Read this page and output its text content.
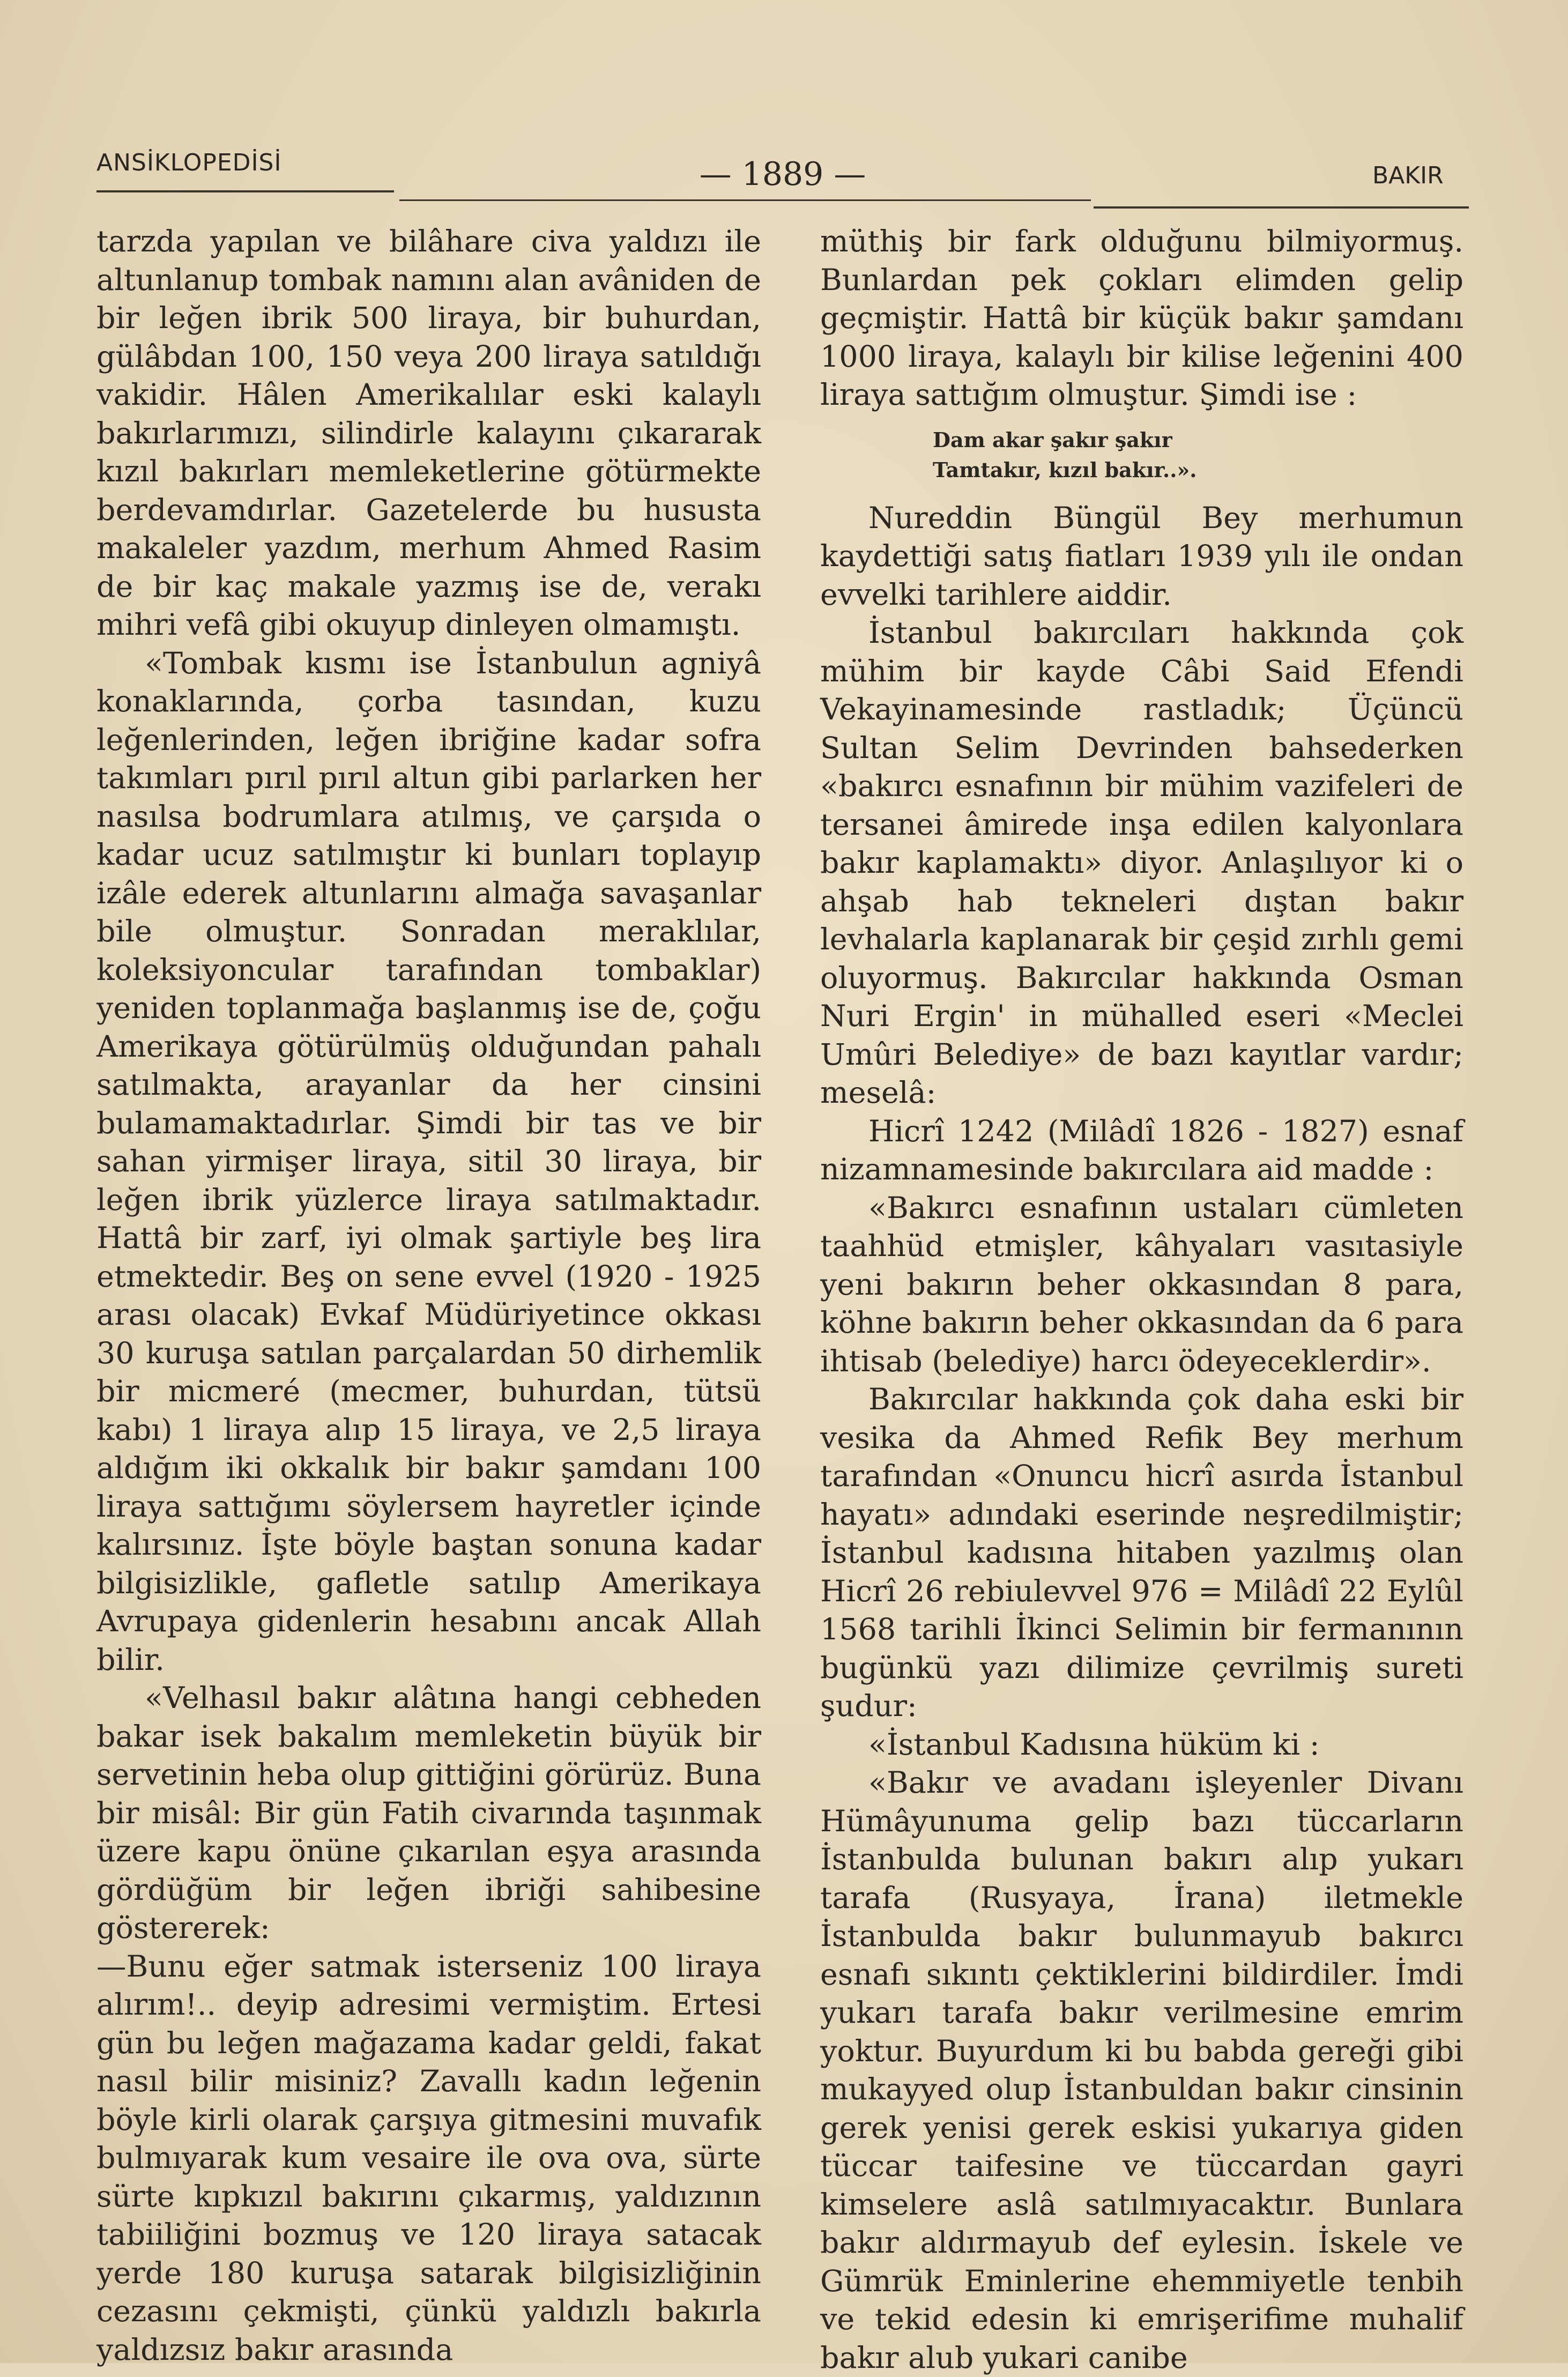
ANSİKLOPEDİSİ	— 1889 —	BAKIR

tarzda yapılan ve bilâhare civa yaldızı ile altunlanup tombak namını alan avâniden de bir leğen ibrik 500 liraya, bir buhurdan, gülâbdan 100, 150 veya 200 liraya satıldığı vakidir. Hâlen Amerikalılar eski kalaylı bakırlarımızı, silindirle kalayını çıkararak kızıl bakırları memleketlerine götürmekte berdevamdırlar. Gazetelerde bu hususta makaleler yazdım, merhum Ahmed Rasim de bir kaç makale yazmış ise de, verakı mihri vefâ gibi okuyup dinleyen olmamıştı.

«Tombak kısmı ise İstanbulun agniyâ konaklarında, çorba tasından, kuzu leğenlerinden, leğen ibriğine kadar sofra takımları pırıl pırıl altun gibi parlarken her nasılsa bodrumlara atılmış, ve çarşıda o kadar ucuz satılmıştır ki bunları toplayıp izâle ederek altunlarını almağa savaşanlar bile olmuştur. Sonradan meraklılar, koleksiyoncular tarafından tombaklar) yeniden toplanmağa başlanmış ise de, çoğu Amerikaya götürülmüş olduğundan pahalı satılmakta, arayanlar da her cinsini bulamamaktadırlar. Şimdi bir tas ve bir sahan yirmişer liraya, sitil 30 liraya, bir leğen ibrik yüzlerce liraya satılmaktadır. Hattâ bir zarf, iyi olmak şartiyle beş lira etmektedir. Beş on sene evvel (1920 - 1925 arası olacak) Evkaf Müdüriyetince okkası 30 kuruşa satılan parçalardan 50 dirhemlik bir micmeré (mecmer, buhurdan, tütsü kabı) 1 liraya alıp 15 liraya, ve 2,5 liraya aldığım iki okkalık bir bakır şamdanı 100 liraya sattığımı söylersem hayretler içinde kalırsınız. İşte böyle baştan sonuna kadar bilgisizlikle, gafletle satılıp Amerikaya Avrupaya gidenlerin hesabını ancak Allah bilir.

«Velhasıl bakır alâtına hangi cebheden bakar isek bakalım memleketin büyük bir servetinin heba olup gittiğini görürüz. Buna bir misâl: Bir gün Fatih civarında taşınmak üzere kapu önüne çıkarılan eşya arasında gördüğüm bir leğen ibriği sahibesine göstererek:

—Bunu eğer satmak isterseniz 100 liraya alırım!.. deyip adresimi vermiştim. Ertesi gün bu leğen mağazama kadar geldi, fakat nasıl bilir misiniz? Zavallı kadın leğenin böyle kirli olarak çarşıya gitmesini muvafık bulmıyarak kum vesaire ile ova ova, sürte sürte kıpkızıl bakırını çıkarmış, yaldızının tabiiliğini bozmuş ve 120 liraya satacak yerde 180 kuruşa satarak bilgisizliğinin cezasını çekmişti, çünkü yaldızlı bakırla yaldızsız bakır arasında

müthiş bir fark olduğunu bilmiyormuş. Bunlardan pek çokları elimden gelip geçmiştir. Hattâ bir küçük bakır şamdanı 1000 liraya, kalaylı bir kilise leğenini 400 liraya sattığım olmuştur. Şimdi ise :

Dam akar şakır şakır
Tamtakır, kızıl bakır..».

Nureddin Büngül Bey merhumun kaydettiği satış fiatları 1939 yılı ile ondan evvelki tarihlere aiddir.

İstanbul bakırcıları hakkında çok mühim bir kayde Câbi Said Efendi Vekayinamesinde rastladık; Üçüncü Sultan Selim Devrinden bahsederken «bakırcı esnafının bir mühim vazifeleri de tersanei âmirede inşa edilen kalyonlara bakır kaplamaktı» diyor. Anlaşılıyor ki o ahşab hab tekneleri dıştan bakır levhalarla kaplanarak bir çeşid zırhlı gemi oluyormuş. Bakırcılar hakkında Osman Nuri Ergin' in mühalled eseri «Meclei Umûri Belediye» de bazı kayıtlar vardır; meselâ:

Hicrî 1242 (Milâdî 1826 - 1827) esnaf nizamnamesinde bakırcılara aid madde :

«Bakırcı esnafının ustaları cümleten taahhüd etmişler, kâhyaları vasıtasiyle yeni bakırın beher okkasından 8 para, köhne bakırın beher okkasından da 6 para ihtisab (belediye) harcı ödeyeceklerdir».

Bakırcılar hakkında çok daha eski bir vesika da Ahmed Refik Bey merhum tarafından «Onuncu hicrî asırda İstanbul hayatı» adındaki eserinde neşredilmiştir; İstanbul kadısına hitaben yazılmış olan Hicrî 26 rebiulevvel 976 = Milâdî 22 Eylûl 1568 tarihli İkinci Selimin bir fermanının bugünkü yazı dilimize çevrilmiş sureti şudur:

«İstanbul Kadısına hüküm ki :

«Bakır ve avadanı işleyenler Divanı Hümâyunuma gelip bazı tüccarların İstanbulda bulunan bakırı alıp yukarı tarafa (Rusyaya, İrana) iletmekle İstanbulda bakır bulunmayub bakırcı esnafı sıkıntı çektiklerini bildirdiler. İmdi yukarı tarafa bakır verilmesine emrim yoktur. Buyurdum ki bu babda gereği gibi mukayyed olup İstanbuldan bakır cinsinin gerek yenisi gerek eskisi yukarıya giden tüccar taifesine ve tüccardan gayri kimselere aslâ satılmıyacaktır. Bunlara bakır aldırmayub def eylesin. İskele ve Gümrük Eminlerine ehemmiyetle tenbih ve tekid edesin ki emrişerifime muhalif bakır alub yukari canibe
